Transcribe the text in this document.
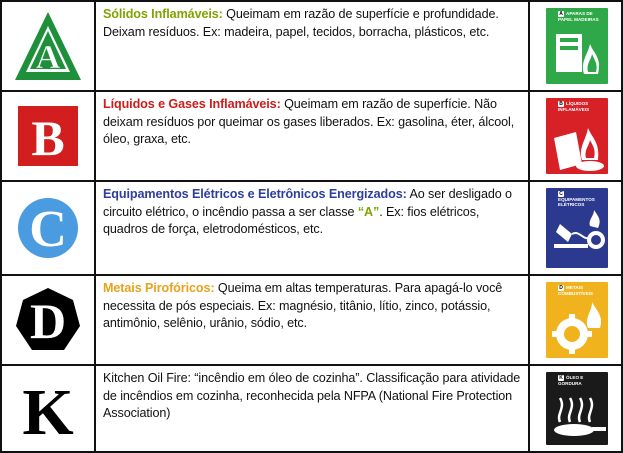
A
Sólidos Inflamáveis: Queimam em razão de superfície e profundidade. Deixam resíduos. Ex: madeira, papel, tecidos, borracha, plásticos, etc.
A APARAS DE PAPEL MADEIRAS
B
Líquidos e Gases Inflamáveis: Queimam em razão de superfície. Não deixam resíduos por queimar os gases liberados. Ex: gasolina, éter, álcool, óleo, graxa, etc.
B LÍQUIDOS INFLAMÁVEIS
C
Equipamentos Elétricos e Eletrônicos Energizados: Ao ser desligado o circuito elétrico, o incêndio passa a ser classe “A”. Ex: fios elétricos, quadros de força, eletrodomésticos, etc.
CEQUIPAMENTOS ELÉTRICOS
D
Metais Pirofóricos: Queima em altas temperaturas. Para apagá-lo você necessita de pós especiais. Ex: magnésio, titânio, lítio, zinco, potássio, antimônio, selênio, urânio, sódio, etc.
D METAIS COMBUSTÍVEIS
K	Kitchen Oil Fire: “incêndio em óleo de cozinha”. Classificação para atividade de incêndios em cozinha, reconhecida pela NFPA (National Fire Protection Association)
K ÓLEO E GORDURA
